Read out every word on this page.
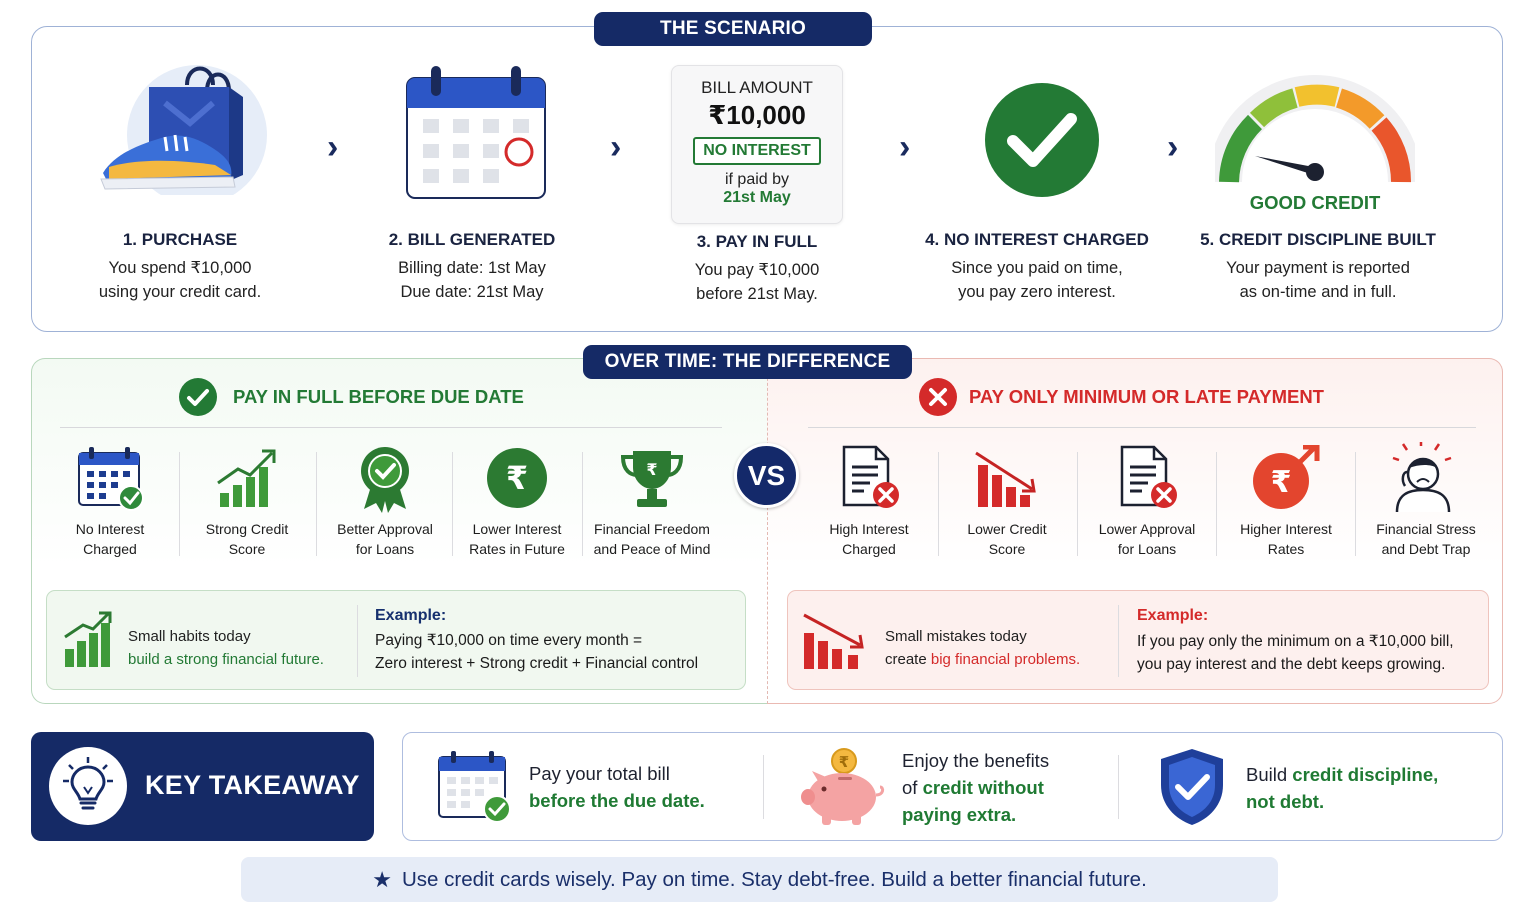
THE SCENARIO
BILL AMOUNT
₹10,000
NO INTEREST
if paid by
21st May	GOOD CREDIT
›	›	›	›
1. PURCHASE
You spend ₹10,000
using your credit card.
2. BILL GENERATED
Billing date: 1st May
Due date: 21st May
3. PAY IN FULL
You pay ₹10,000
before 21st May.
4. NO INTEREST CHARGED
Since you paid on time,
you pay zero interest.
5. CREDIT DISCIPLINE BUILT
Your payment is reported
as on-time and in full.
OVER TIME: THE DIFFERENCE
PAY IN FULL BEFORE DUE DATE	PAY ONLY MINIMUM OR LATE PAYMENT
VS
No Interest
Charged
Strong Credit
Score
Better Approval
for Loans
₹
Lower Interest
Rates in Future
₹
Financial Freedom
and Peace of Mind
High Interest
Charged
Lower Credit
Score
Lower Approval
for Loans
₹
Higher Interest
Rates
Financial Stress
and Debt Trap
Small habits today
build a strong financial future.
Example:
Paying ₹10,000 on time every month =
Zero interest + Strong credit + Financial control
Small mistakes today
create big financial problems.
Example:
If you pay only the minimum on a ₹10,000 bill,
you pay interest and the debt keeps growing.
KEY TAKEAWAY	Pay your total bill
before the due date.
₹	Enjoy the benefits
of credit without
paying extra.
Build credit discipline,
not debt.
★ Use credit cards wisely. Pay on time. Stay debt-free. Build a better financial future.
